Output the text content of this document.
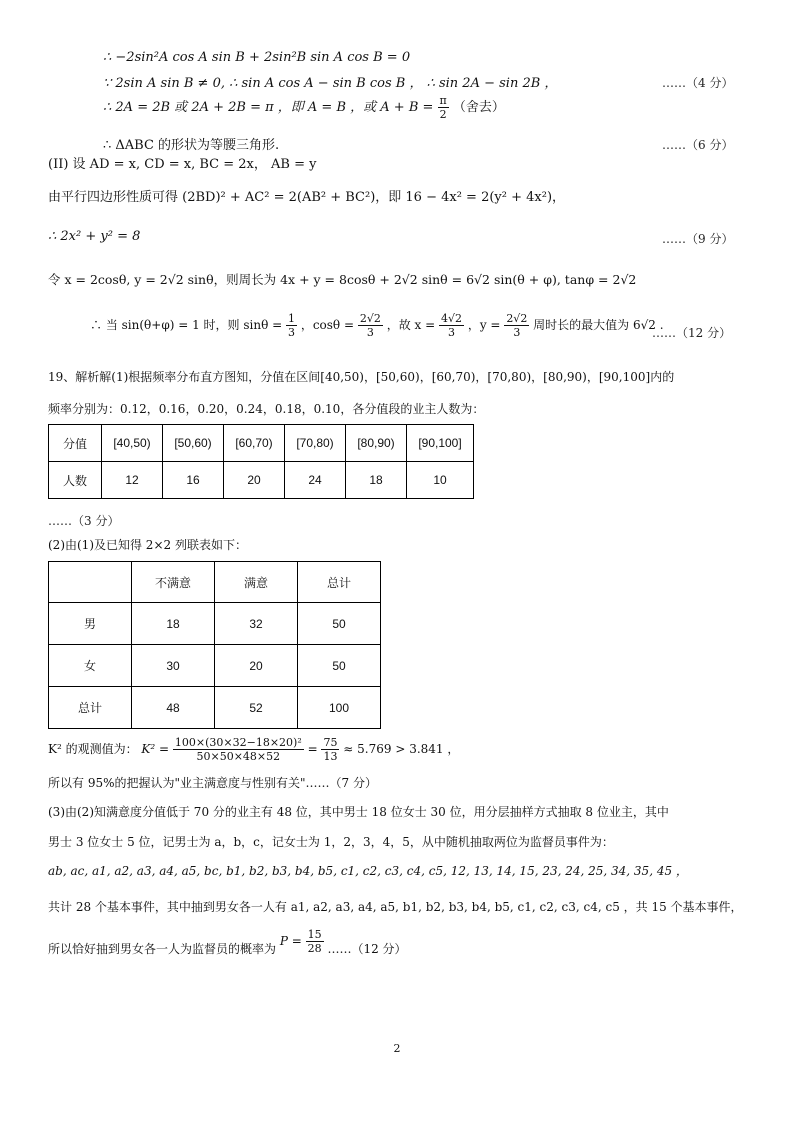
∴ −2sin²A cos A sin B + 2sin²B sin A cos B = 0
∵ 2sin A sin B ≠ 0, ∴ sin A cos A − sin B cos B ， ∴ sin 2A − sin 2B ，	……（4 分）
∴ 2A = 2B 或 2A + 2B = π ，即 A = B ，或 $A + B = \frac{\pi}{2}$ （舍去）
∴ ΔABC 的形状为等腰三角形.	……（6 分）
(II) 设 AD = x, CD = x, BC = 2x， AB = y
由平行四边形性质可得 (2BD)² + AC² = 2(AB² + BC²)，即 16 − 4x² = 2(y² + 4x²)，
∴ 2x² + y² = 8	……（9 分）
令 x = 2cosθ, y = 2√2 sinθ，则周长为 4x + y = 8cosθ + 2√2 sinθ = 6√2 sin(θ + φ), tanφ = 2√2
∴ 当 sin(θ+φ) = 1 时，则 $\sin\theta = \frac{1}{3}$ ，$\cos\theta = \frac{2√2}{3}$ ，故 $x = \frac{4√2}{3}$ ，$y = \frac{2√2}{3}$ 周时长的最大值为 6√2 .
……（12 分）
19、解析解(1)根据频率分布直方图知，分值在区间[40,50)，[50,60)，[60,70)，[70,80)，[80,90)，[90,100]内的
频率分别为：0.12，0.16，0.20，0.24，0.18，0.10，各分值段的业主人数为：
分值	[40,50)	[50,60)	[60,70)	[70,80)	[80,90)	[90,100]
人数	12	16	20	24	18	10
……（3 分）
(2)由(1)及已知得 2×2 列联表如下：
	不满意	满意	总计
男	18	32	50
女	30	20	50
总计	48	52	100
K² 的观测值为： $K^2 = \frac{\text{100×(30×32−18×20)²}}{50\times 50\times 48\times 52} = \frac{75}{13} \approx 5.769 > 3.841$ ，
所以有 95%的把握认为"业主满意度与性别有关"……（7 分）
(3)由(2)知满意度分值低于 70 分的业主有 48 位，其中男士 18 位女士 30 位，用分层抽样方式抽取 8 位业主，其中
男士 3 位女士 5 位，记男士为 a，b，c，记女士为 1，2，3，4，5，从中随机抽取两位为监督员事件为：
ab, ac, a1, a2, a3, a4, a5, bc, b1, b2, b3, b4, b5, c1, c2, c3, c4, c5, 12, 13, 14, 15, 23, 24, 25, 34, 35, 45 ，
共计 28 个基本事件，其中抽到男女各一人有 a1, a2, a3, a4, a5, b1, b2, b3, b4, b5, c1, c2, c3, c4, c5 ，共 15 个基本事件，
所以恰好抽到男女各一人为监督员的概率为 $P = \frac{15}{28}$ ……（12 分）
2
